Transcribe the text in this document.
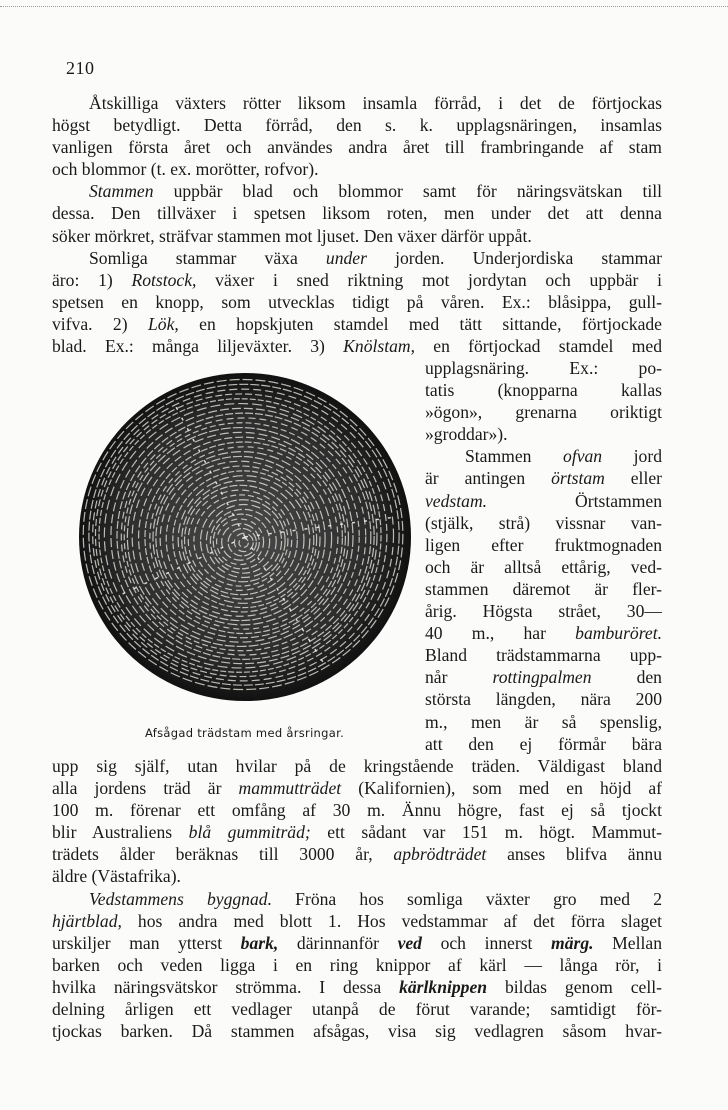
210
Åtskilliga växters rötter liksom insamla förråd, i det de förtjockas
högst betydligt. Detta förråd, den s. k. upplagsnäringen, insamlas
vanligen första året och användes andra året till frambringande af stam
och blommor (t. ex. morötter, rofvor).
Stammen uppbär blad och blommor samt för näringsvätskan till
dessa. Den tillväxer i spetsen liksom roten, men under det att denna
söker mörkret, sträfvar stammen mot ljuset. Den växer därför uppåt.
Somliga stammar växa under jorden. Underjordiska stammar
äro: 1) Rotstock, växer i sned riktning mot jordytan och uppbär i
spetsen en knopp, som utvecklas tidigt på våren. Ex.: blåsippa, gull-
vifva. 2) Lök, en hopskjuten stamdel med tätt sittande, förtjockade
blad. Ex.: många liljeväxter. 3) Knölstam, en förtjockad stamdel med
upplagsnäring. Ex.: po-
tatis (knopparna kallas
»ögon», grenarna oriktigt
»groddar»).
Stammen ofvan jord
är antingen örtstam eller
vedstam. Örtstammen
(stjälk, strå) vissnar van-
ligen efter fruktmognaden
och är alltså ettårig, ved-
stammen däremot är fler-
årig. Högsta strået, 30—
40 m., har bamburöret.
Bland trädstammarna upp-
når rottingpalmen den
största längden, nära 200
m., men är så spenslig,
att den ej förmår bära
upp sig själf, utan hvilar på de kringstående träden. Väldigast bland
alla jordens träd är mammutträdet (Kalifornien), som med en höjd af
100 m. förenar ett omfång af 30 m. Ännu högre, fast ej så tjockt
blir Australiens blå gummiträd; ett sådant var 151 m. högt. Mammut-
trädets ålder beräknas till 3000 år, apbrödträdet anses blifva ännu
äldre (Västafrika).
Vedstammens byggnad. Fröna hos somliga växter gro med 2
hjärtblad, hos andra med blott 1. Hos vedstammar af det förra slaget
urskiljer man ytterst bark, därinnanför ved och innerst märg. Mellan
barken och veden ligga i en ring knippor af kärl — långa rör, i
hvilka näringsvätskor strömma. I dessa kärlknippen bildas genom cell-
delning årligen ett vedlager utanpå de förut varande; samtidigt för-
tjockas barken. Då stammen afsågas, visa sig vedlagren såsom hvar-
Afsågad trädstam med årsringar.
